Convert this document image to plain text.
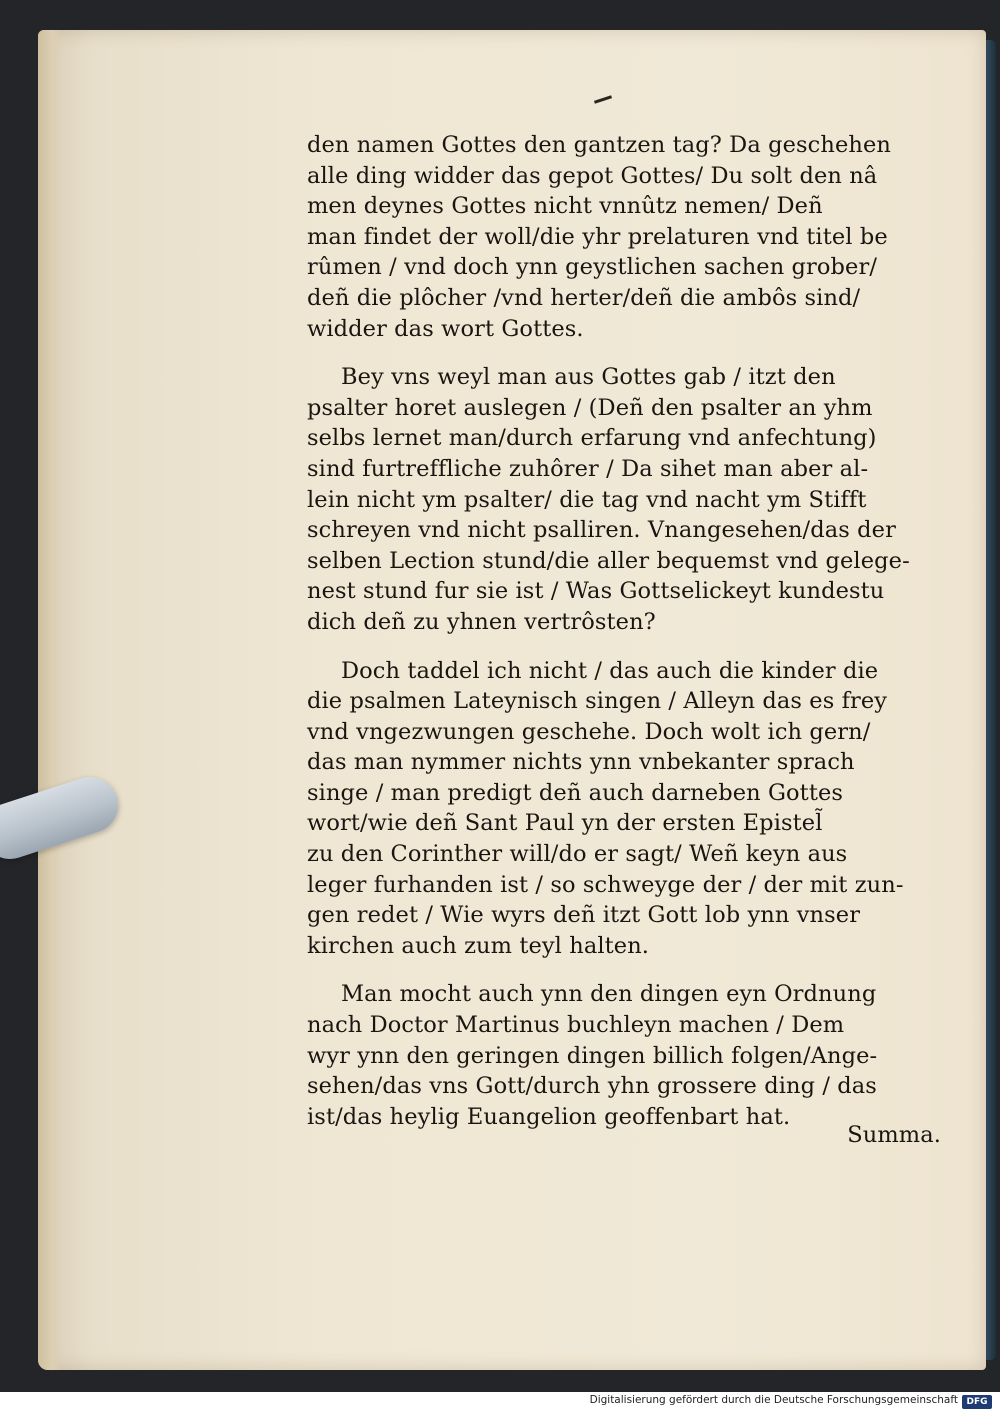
den namen Gottes den gantzen tag? Da geschehen
alle ding widder das gepot Gottes/ Du solt den nâ
men deynes Gottes nicht vnnûtz nemen/ Deñ
man findet der woll/die yhr prelaturen vnd titel be
rûmen / vnd doch ynn geystlichen sachen grober/
deñ die plôcher /vnd herter/deñ die ambôs sind/
widder das wort Gottes.
Bey vns weyl man aus Gottes gab / itzt den
psalter horet auslegen / (Deñ den psalter an yhm
selbs lernet man/durch erfarung vnd anfechtung)
sind furtreffliche zuhôrer / Da sihet man aber al-
lein nicht ym psalter/ die tag vnd nacht ym Stifft
schreyen vnd nicht psalliren. Vnangesehen/das der
selben Lection stund/die aller bequemst vnd gelege-
nest stund fur sie ist / Was Gottselickeyt kundestu
dich deñ zu yhnen vertrôsten?
Doch taddel ich nicht / das auch die kinder die
die psalmen Lateynisch singen / Alleyn das es frey
vnd vngezwungen geschehe. Doch wolt ich gern/
das man nymmer nichts ynn vnbekanter sprach
singe / man predigt deñ auch darneben Gottes
wort/wie deñ Sant Paul yn der ersten Epistel̃
zu den Corinther will/do er sagt/ Weñ keyn aus
leger furhanden ist / so schweyge der / der mit zun-
gen redet / Wie wyrs deñ itzt Gott lob ynn vnser
kirchen auch zum teyl halten.
Man mocht auch ynn den dingen eyn Ordnung
nach Doctor Martinus buchleyn machen / Dem
wyr ynn den geringen dingen billich folgen/Ange-
sehen/das vns Gott/durch yhn grossere ding / das
ist/das heylig Euangelion geoffenbart hat.
Summa.
Digitalisierung gefördert durch die Deutsche Forschungsgemeinschaft DFG
